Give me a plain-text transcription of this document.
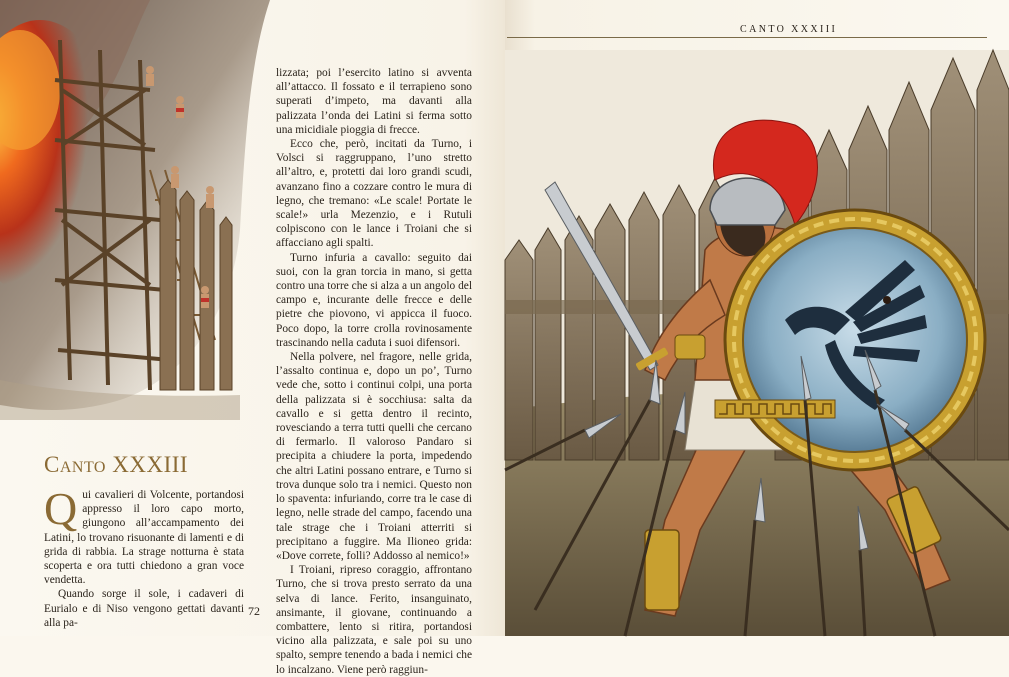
Canto XXXIII

Qui cavalieri di Volcente, portandosi appresso il loro capo morto, giungono all’accampamento dei Latini, lo trovano risuonante di lamenti e di grida di rabbia. La strage notturna è stata scoperta e ora tutti chiedono a gran voce vendetta.

Quando sorge il sole, i cadaveri di Eurialo e di Niso vengono gettati davanti alla pa-

lizzata; poi l’esercito latino si avventa all’attacco. Il fossato e il terrapieno sono superati d’impeto, ma davanti alla palizzata l’onda dei Latini si ferma sotto una micidiale pioggia di frecce.

Ecco che, però, incitati da Turno, i Volsci si raggruppano, l’uno stretto all’altro, e, protetti dai loro grandi scudi, avanzano fino a cozzare contro le mura di legno, che tremano: «Le scale! Portate le scale!» urla Mezenzio, e i Rutuli colpiscono con le lance i Troiani che si affacciano agli spalti.

Turno infuria a cavallo: seguito dai suoi, con la gran torcia in mano, si getta contro una torre che si alza a un angolo del campo e, incurante delle frecce e delle pietre che piovono, vi appicca il fuoco. Poco dopo, la torre crolla rovinosamente trascinando nella caduta i suoi difensori.

Nella polvere, nel fragore, nelle grida, l’assalto continua e, dopo un po’, Turno vede che, sotto i continui colpi, una porta della palizzata si è socchiusa: salta da cavallo e si getta dentro il recinto, rovesciando a terra tutti quelli che cercano di fermarlo. Il valoroso Pandaro si precipita a chiudere la porta, impedendo che altri Latini possano entrare, e Turno si trova dunque solo tra i nemici. Questo non lo spaventa: infuriando, corre tra le case di legno, nelle strade del campo, facendo una tale strage che i Troiani atterriti si precipitano a fuggire. Ma Ilioneo grida: «Dove correte, folli? Addosso al nemico!»

I Troiani, ripreso coraggio, affrontano Turno, che si trova presto serrato da una selva di lance. Ferito, insanguinato, ansimante, il giovane, continuando a combattere, lento si ritira, portandosi vicino alla palizzata, e sale poi su uno spalto, sempre tenendo a bada i nemici che lo incalzano. Viene però raggiun-

72
CANTO XXXIII
